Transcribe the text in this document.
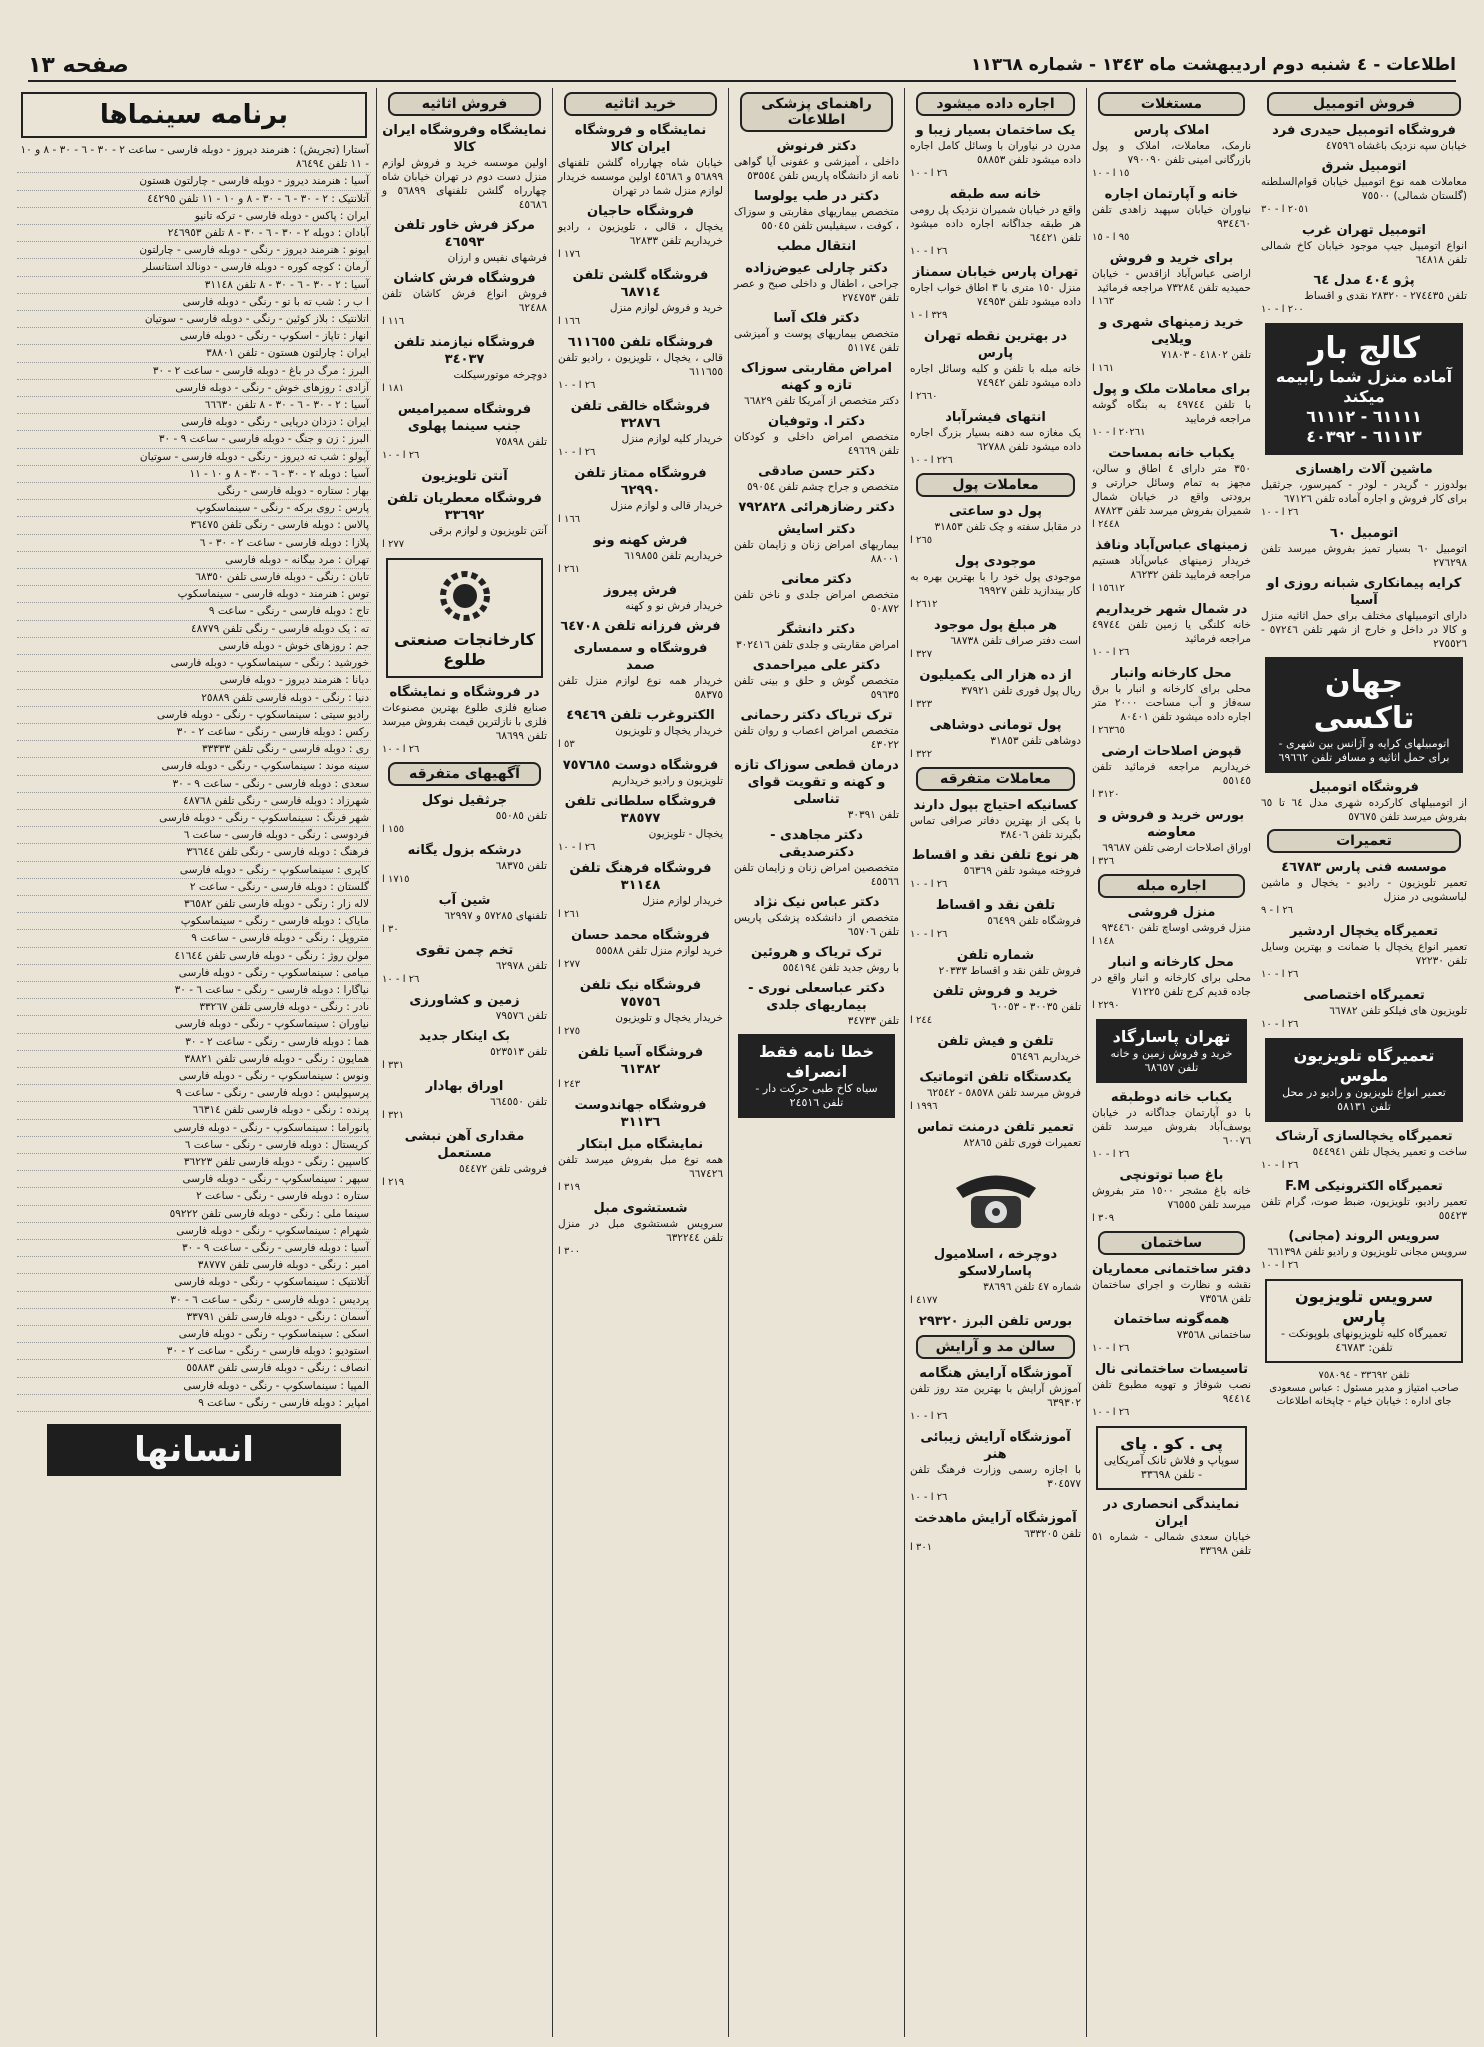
اطلاعات - ٤ شنبه دوم اردیبهشت ماه ١٣٤٣ - شماره ١١٣٦٨
صفحه ١٣
فروش اتومبیل
فروشگاه اتومبیل حیدری فرد
خیابان سپه نزدیک باغشاه ٤٧٥٩٦
اتومبیل شرق
معاملات همه نوع اتومبیل خیابان قوام‌السلطنه (گلستان شمالی) ٧٥٥٠٠
٢٠٥١ ا - ٣٠
اتومبیل تهران غرب
انواع اتومبیل جیپ موجود خیابان کاخ شمالی تلفن ٦٤٨١٨
پژو ٤٠٤ مدل ٦٤
تلفن ٢٧٤٤٣٥ - ٢٨٣٢٠ نقدی و اقساط
٢٠٠ ا - ١٠
کالج بار
آماده منزل شما رابیمه میکند
٦١١١١ - ٦١١١٢
٦١١١٣ - ٤٠٣٩٢
ماشین آلات راهسازی
بولدوزر - گریدر - لودر - کمپرسور، جرثقیل برای کار فروش و اجاره آماده تلفن ٦٧١٢٦
٢٦ ا - ١٠
اتومبیل ٦٠
اتومبیل ٦٠ بسیار تمیز بفروش میرسد تلفن ٢٧٦٢٩٨
کرایه پیمانکاری شبانه روزی او آسیا
دارای اتومبیلهای مختلف برای حمل اثاثیه منزل و کالا در داخل و خارج از شهر تلفن ٥٧٢٤٦ - ٢٧٥٥٢٦
جهان تاکسی
اتومبیلهای کرایه و آژانس بین شهری - برای حمل اثاثیه و مسافر تلفن ٦٩٦٦٢
فروشگاه اتومبیل
از اتومبیلهای کارکرده شهری مدل ٦٤ تا ٦٥ بفروش میرسد تلفن ٥٧٦٧٥
تعمیرات
موسسه فنی پارس ٤٦٧٨٣
تعمیر تلویزیون - رادیو - یخچال و ماشین لباسشویی در منزل
٢٦ ا - ٩
تعمیرگاه یخچال اردشیر
تعمیر انواع یخچال با ضمانت و بهترین وسایل تلفن ٧٢٢٣٠
٢٦ ا - ١٠
تعمیرگاه اختصاصی
تلویزیون های فیلکو تلفن ٦٦٧٨٢
٢٦ ا - ١٠
تعمیرگاه تلویزیون ملوس
تعمیر انواع تلویزیون و رادیو در محل تلفن ٥٨١٣١
تعمیرگاه یخچالسازی آرشاک
ساخت و تعمیر یخچال تلفن ٥٤٤٩٤١
٢٦ ا - ١٠
تعمیرگاه الکترونیکی F.M
تعمیر رادیو، تلویزیون، ضبط صوت، گرام تلفن ٥٥٤٢٣
سرویس الروند (مجانی)
سرویس مجانی تلویزیون و رادیو تلفن ٦٦١٣٩٨
٢٦ ا - ١٠
سرویس تلویزیون پارس
تعمیرگاه کلیه تلویزیونهای بلوپونکت - تلفن: ٤٦٧٨٣
تلفن ٣٣٦٩٢ - ٧٥٨٠٩٤
صاحب امتیاز و مدیر مسئول : عباس مسعودی
جای اداره : خیابان خیام - چاپخانه اطلاعات
مستغلات
املاک پارس
نارمک، معاملات، املاک و پول بازرگانی امینی تلفن ٧٩٠٠٩٠
١٥ ا - ١٠
خانه و آپارتمان اجاره
نیاوران خیابان سپهبد زاهدی تلفن ٩٣٤٤٦٠
٩٥ ا - ١٥
برای خرید و فروش
اراضی عباس‌آباد ازاقدس - خیابان حمیدیه تلفن ٧٣٢٨٤ مراجعه فرمائید
١٦٣ ا
خرید زمینهای شهری و ویلایی
تلفن ٤١٨٠٢ - ٧١٨٠٣
١٦١ ا
برای معاملات ملک و پول
با تلفن ٤٩٧٤٤ به بنگاه گوشه مراجعه فرمایید
٢٠٢٦١ ا - ١٠
یکباب خانه بمساحت
٣٥٠ متر دارای ٤ اطاق و سالن، مجهز به تمام وسائل حرارتی و برودتی واقع در خیابان شمال شمیران بفروش میرسد تلفن ٨٧٨٢٣
٢٤٤٨ ا
زمینهای عباس‌آباد ونافذ
خریدار زمینهای عباس‌آباد هستیم مراجعه فرمایید تلفن ٨٦٢٣٢
١٥٦١٢ ا
در شمال شهر خریداریم
خانه کلنگی یا زمین تلفن ٤٩٧٤٤ مراجعه فرمائید
٢٦ ا - ١٠
محل کارخانه وانبار
محلی برای کارخانه و انبار با برق سه‌فاز و آب مساحت ٢٠٠٠ متر اجاره داده میشود تلفن ٨٠٤٠١
٢٦٣٦٥ ا
قپوض اصلاحات ارضی
خریداریم مراجعه فرمائید تلفن ٥٥١٤٥
٣١٢٠ ا
بورس خرید و فروش و معاوضه
اوراق اصلاحات ارضی تلفن ٦٩٦٨٧
٣٢٦ ا
اجاره مبله
منزل فروشی
منزل فروشی اوساچ تلفن ٩٣٤٤٦٠
١٤٨ ا
محل کارخانه و انبار
محلی برای کارخانه و انبار واقع در جاده قدیم کرج تلفن ٧١٢٢٥
٢٢٩٠ ا
تهران پاسارگاد
خرید و فروش زمین و خانه تلفن ٦٨٦٥٧
یکباب خانه دوطبقه
با دو آپارتمان جداگانه در خیابان یوسف‌آباد بفروش میرسد تلفن ٦٠٠٧٦
٢٦ ا - ١٠
باغ صبا توتونچی
خانه باغ مشجر ١٥٠٠ متر بفروش میرسد تلفن ٧٦٥٥٥
٣٠٩ ا
ساختمان
دفتر ساختمانی معماریان
نقشه و نظارت و اجرای ساختمان تلفن ٧٣٥٦٨
همه‌گونه ساختمان
ساختمانی ٧٣٥٦٨
٢٦ ا - ١٠
تاسیسات ساختمانی نال
نصب شوفاژ و تهویه مطبوع تلفن ٩٤٤١٤
٢٦ ا - ١٠
پی . کو . پای
سوپاپ و فلاش تانک آمریکایی - تلفن ٣٣٦٩٨
نمایندگی انحصاری در ایران
خیابان سعدی شمالی - شماره ٥١ تلفن ٣٣٦٩٨
اجاره داده میشود
یک ساختمان بسیار زیبا و
مدرن در نیاوران با وسائل کامل اجاره داده میشود تلفن ٥٨٨٥٣
٢٦ ا - ١٠
خانه سه طبقه
واقع در خیابان شمیران نزدیک پل رومی هر طبقه جداگانه اجاره داده میشود تلفن ٦٤٤٢١
٢٦ ا - ١٠
تهران پارس خیابان سمناز
منزل ١٥٠ متری با ٣ اطاق خواب اجاره داده میشود تلفن ٧٤٩٥٣
٣٢٩ ا - ١
در بهترین نقطه تهران پارس
خانه مبله با تلفن و کلیه وسائل اجاره داده میشود تلفن ٧٤٩٤٢
٢٦٦٠ ا
انتهای فیشرآباد
یک مغازه سه دهنه بسیار بزرگ اجاره داده میشود تلفن ٦٢٧٨٨
٢٢٦ ا - ١٠
معاملات پول
پول دو ساعتی
در مقابل سفته و چک تلفن ٣١٨٥٣
٢٦٥ ا
موجودی پول
موجودی پول خود را با بهترین بهره به کار بیندازید تلفن ٦٩٩٢٧
٢٦١٢ ا
هر مبلغ پول موجود
است دفتر صراف تلفن ٦٨٧٣٨
٣٢٧ ا
از ده هزار الی یکمیلیون
ریال پول فوری تلفن ٣٧٩٢١
٣٢٣ ا
پول تومانی دوشاهی
دوشاهی تلفن ٣١٨٥٣
٣٢٢ ا
معاملات متفرقه
کسانیکه احتیاج بپول دارند
با یکی از بهترین دفاتر صرافی تماس بگیرند تلفن ٣٨٤٠٦
هر نوع تلفن نقد و اقساط
فروخته میشود تلفن ٥٦٣٦٩
٢٦ ا - ١٠
تلفن نقد و اقساط
فروشگاه تلفن ٥٦٤٩٩
٢٦ ا - ١٠
شماره تلفن
فروش تلفن نقد و اقساط ٢٠٣٣٣
خرید و فروش تلفن
تلفن ٣٠٠٣٥ - ٦٠٠٥٣
٢٤٤ ا
تلفن و فیش تلفن
خریداریم ٥٦٤٩٦
یکدستگاه تلفن اتوماتیک
فروش میرسد تلفن ٥٨٥٧٨ - ٦٢٥٤٢
١٩٩٦ ا
تعمیر تلفن درمنت تماس
تعمیرات فوری تلفن ٨٢٨٦٥
دوچرخه ، اسلامیول پاسارلاسکو
شماره ٤٧ تلفن ٣٨٦٩٦
٤١٧٧ ا
بورس تلفن البرز ٢٩٣٢٠
سالن مد و آرایش
آموزشگاه آرایش هنگامه
آموزش آرایش با بهترین متد روز تلفن ٦٣٩٣٠٢
٢٦ ا - ١٠
آموزشگاه آرایش زیبائی هنر
با اجازه رسمی وزارت فرهنگ تلفن ٣٠٤٥٧٧
٢٦ ا - ١٠
آموزشگاه آرایش ماهدخت
تلفن ٦٣٣٢٠٥
٣٠١ ا
راهنمای پزشکی اطلاعات
دکتر فرنوش
داخلی ، آمیزشی و عفونی آیا گواهی نامه از دانشگاه پاریس تلفن ٥٣٥٥٤
دکتر در طب یولوسا
متخصص بیماریهای مقاربتی و سوزاک ، کوفت ، سیفیلیس تلفن ٥٥٠٤٥
انتقال مطب
دکتر چارلی عیوض‌زاده
جراحی ، اطفال و داخلی صبح و عصر تلفن ٢٧٤٧٥٣
دکتر فلک آسا
متخصص بیماریهای پوست و آمیزشی تلفن ٥١١٧٤
امراض مقاربتی سوزاک تازه و کهنه
دکتر متخصص از آمریکا تلفن ٦٦٨٢٩
دکتر ا. وتوفیان
متخصص امراض داخلی و کودکان تلفن ٤٩٦٦٩
دکتر حسن صادقی
متخصص و جراح چشم تلفن ٥٩٠٥٤
دکتر رضازهرائی ٧٩٢٨٢٨
دکتر اسایش
بیماریهای امراض زنان و زایمان تلفن ٨٨٠٠١
دکتر معانی
متخصص امراض جلدی و ناخن تلفن ٥٠٨٧٢
دکتر دانشگر
امراض مقاربتی و جلدی تلفن ٣٠٢٤١٦
دکتر علی میراحمدی
متخصص گوش و حلق و بینی تلفن ٥٩٦٣٥
ترک تریاک دکتر رحمانی
متخصص امراض اعصاب و روان تلفن ٤٣٠٢٢
درمان قطعی سوزاک تازه و کهنه و تقویت قوای تناسلی
تلفن ٣٠٣٩١
دکتر مجاهدی - دکترصدیقی
متخصصین امراض زنان و زایمان تلفن ٤٥٥٦٦
دکتر عباس نیک نژاد
متخصص از دانشکده پزشکی پاریس تلفن ٦٥٧٠٦
ترک تریاک و هروئین
با روش جدید تلفن ٥٥٤١٩٤
دکتر عباسعلی نوری - بیماریهای جلدی
تلفن ٣٤٧٣٣
خطا نامه فقط انصراف
سیاه کاخ طبی حرکت دار - تلفن ٢٤٥١٦
خرید اثاثیه
نمایشگاه و فروشگاه ایران کالا
خیابان شاه چهارراه گلشن تلفنهای ٥٦٨٩٩ و ٤٥٦٨٦ اولین موسسه خریدار لوازم منزل شما در تهران
فروشگاه حاجیان
یخچال ، قالی ، تلویزیون ، رادیو خریداریم تلفن ٦٢٨٣٣
١٧٦ ا
فروشگاه گلشن تلفن ٦٨٧١٤
خرید و فروش لوازم منزل
١٦٦ ا
فروشگاه تلفن ٦١١٦٥٥
قالی ، یخچال ، تلویزیون ، رادیو تلفن ٦١١٦٥٥
٢٦ ا - ١٠
فروشگاه خالقی تلفن ٣٢٨٧٦
خریدار کلیه لوازم منزل
٢٦ ا - ١٠
فروشگاه ممتاز تلفن ٦٢٩٩٠
خریدار قالی و لوازم منزل
١٦٦ ا
فرش کهنه ونو
خریداریم تلفن ٦١٩٨٥٥
٢٦١ ا
فرش پیروز
خریدار فرش نو و کهنه
فرش فرزانه تلفن ٦٤٧٠٨
فروشگاه و سمساری صمد
خریدار همه نوع لوازم منزل تلفن ٥٨٣٧٥
الکتروغرب تلفن ٤٩٤٦٩
خریدار یخچال و تلویزیون
٥٣ ا
فروشگاه دوست ٧٥٧٦٨٥
تلویزیون و رادیو خریداریم
فروشگاه سلطانی تلفن ٣٨٥٧٧
یخچال - تلویزیون
٢٦ ا - ١٠
فروشگاه فرهنگ تلفن ٣١١٤٨
خریدار لوازم منزل
٢٦١ ا
فروشگاه محمد حسان
خرید لوازم منزل تلفن ٥٥٥٨٨
٢٧٧ ا
فروشگاه نیک تلفن ٧٥٧٥٦
خریدار یخچال و تلویزیون
٢٧٥ ا
فروشگاه آسیا تلفن ٦١٣٨٢
٢٤٣ ا
فروشگاه جهاندوست ٣١١٣٦
نمایشگاه مبل ابتکار
همه نوع مبل بفروش میرسد تلفن ٦٦٧٤٢٦
٣١٩ ا
شستشوی مبل
سرویس شستشوی مبل در منزل تلفن ٦٣٢٢٤٤
٣٠٠ ا
فروش اثاثیه
نمایشگاه وفروشگاه ایران کالا
اولین موسسه خرید و فروش لوازم منزل دست دوم در تهران خیابان شاه چهارراه گلشن تلفنهای ٥٦٨٩٩ و ٤٥٦٨٦
مرکز فرش خاور تلفن ٤٦٥٩٣
فرشهای نفیس و ارزان
فروشگاه فرش کاشان
فروش انواع فرش کاشان تلفن ٦٢٤٨٨
١١٦ ا
فروشگاه نیازمند تلفن ٣٤٠٣٧
دوچرخه موتورسیکلت
١٨١ ا
فروشگاه سمیرامیس جنب سینما پهلوی
تلفن ٧٥٨٩٨
٢٦ ا - ١٠
آنتن تلویزیون
فروشگاه معطریان تلفن ٣٣٦٩٢
آنتن تلویزیون و لوازم برقی
٢٧٧ ا
کارخانجات صنعتی طلوع
در فروشگاه و نمایشگاه
صنایع فلزی طلوع بهترین مصنوعات فلزی با نازلترین قیمت بفروش میرسد تلفن ٦٨٦٩٩
٢٦ ا - ١٠
آگهیهای متفرقه
جرثقیل نوکل
تلفن ٥٥٠٨٥
١٥٥ ا
درشکه بزول یگانه
تلفن ٦٨٣٧٥
١٧١٥ ا
شین آب
تلفنهای ٥٧٢٨٥ و ٦٢٩٩٧
٣٠ ا
تخم چمن تقوی
تلفن ٦٢٩٧٨
٢٦ ا - ١٠
زمین و کشاورزی
تلفن ٧٩٥٧٦
بک اینکار جدید
تلفن ٥٢٣٥١٣
٣٣١ ا
اوراق بهادار
تلفن ٦٦٤٥٥٠
٣٢١ ا
مقداری آهن نبشی مستعمل
فروشی تلفن ٥٤٤٧٢
٢١٩ ا
برنامه سینماها
آستارا (تجریش) : هنرمند دیروز - دوبله فارسی - ساعت ٢ - ٣٠ - ٦ - ٣٠ - ٨ و ١٠ - ١١ تلفن ٨٦٤٩٤
آسیا : هنرمند دیروز - دوبله فارسی - چارلتون هستون
آتلانتیک : ٢ - ٣٠ - ٦ - ٣٠ - ٨ و ١٠ - ١١ تلفن ٤٤٢٩٥
ایران : پاکس - دوبله فارسی - ترکه تانیو
آبادان : دوبله ٢ - ٣٠ - ٦ - ٣٠ - ٨ تلفن ٢٤٦٩٥٣
ایونو : هنرمند دیروز - رنگی - دوبله فارسی - چارلتون
آرمان : کوچه کوره - دوبله فارسی - دونالد استانسلر
آسیا : ٢ - ٣٠ - ٦ - ٣٠ - ٨ تلفن ٣١١٤٨
ا ب ر : شب ته با تو - رنگی - دوبله فارسی
اتلانتیک : بلاز کوئین - رنگی - دوبله فارسی - سوتیان
انهار : تاپاز - اسکوپ - رنگی - دوبله فارسی
ایران : چارلتون هستون - تلفن ٣٨٨٠١
البرز : مرگ در باغ - دوبله فارسی - ساعت ٢ - ٣٠
آزادی : روزهای خوش - رنگی - دوبله فارسی
آسیا : ٢ - ٣٠ - ٦ - ٣٠ - ٨ تلفن ٦٦٦٣٠
ایران : دزدان دریایی - رنگی - دوبله فارسی
البرز : زن و جنگ - دوبله فارسی - ساعت ٩ - ٣٠
آپولو : شب ته دیروز - رنگی - دوبله فارسی - سوتیان
آسیا : دوبله ٢ - ٣٠ - ٦ - ٣٠ - ٨ و ١٠ - ١١
بهار : ستاره - دوبله فارسی - رنگی
پارس : روی برکه - رنگی - سینماسکوپ
پالاس : دوبله فارسی - رنگی تلفن ٣٦٤٧٥
پلازا : دوبله فارسی - ساعت ٢ - ٣٠ - ٦
تهران : مرد بیگانه - دوبله فارسی
تابان : رنگی - دوبله فارسی تلفن ٦٨٣٥٠
توس : هنرمند - دوبله فارسی - سینماسکوپ
تاج : دوبله فارسی - رنگی - ساعت ٩
ته : یک دوبله فارسی - رنگی تلفن ٤٨٧٧٩
جم : روزهای خوش - دوبله فارسی
خورشید : رنگی - سینماسکوپ - دوبله فارسی
دیانا : هنرمند دیروز - دوبله فارسی
دنیا : رنگی - دوبله فارسی تلفن ٢٥٨٨٩
رادیو سیتی : سینماسکوپ - رنگی - دوبله فارسی
رکس : دوبله فارسی - رنگی - ساعت ٢ - ٣٠
ری : دوبله فارسی - رنگی تلفن ٣٣٣٣٣
سینه موند : سینماسکوپ - رنگی - دوبله فارسی
سعدی : دوبله فارسی - رنگی - ساعت ٩ - ٣٠
شهرزاد : دوبله فارسی - رنگی تلفن ٤٨٧٦٨
شهر فرنگ : سینماسکوپ - رنگی - دوبله فارسی
فردوسی : رنگی - دوبله فارسی - ساعت ٦
فرهنگ : دوبله فارسی - رنگی تلفن ٣٦٦٤٤
کاپری : سینماسکوپ - رنگی - دوبله فارسی
گلستان : دوبله فارسی - رنگی - ساعت ٢
لاله زار : رنگی - دوبله فارسی تلفن ٣٦٥٨٢
مایاک : دوبله فارسی - رنگی - سینماسکوپ
متروپل : رنگی - دوبله فارسی - ساعت ٩
مولن روژ : رنگی - دوبله فارسی تلفن ٤١٦٤٤
میامی : سینماسکوپ - رنگی - دوبله فارسی
نیاگارا : دوبله فارسی - رنگی - ساعت ٦ - ٣٠
نادر : رنگی - دوبله فارسی تلفن ٣٣٢٦٧
نیاوران : سینماسکوپ - رنگی - دوبله فارسی
هما : دوبله فارسی - رنگی - ساعت ٢ - ٣٠
همایون : رنگی - دوبله فارسی تلفن ٣٨٨٢١
ونوس : سینماسکوپ - رنگی - دوبله فارسی
پرسپولیس : دوبله فارسی - رنگی - ساعت ٩
پرنده : رنگی - دوبله فارسی تلفن ٦٦٣١٤
پانوراما : سینماسکوپ - رنگی - دوبله فارسی
کریستال : دوبله فارسی - رنگی - ساعت ٦
کاسپین : رنگی - دوبله فارسی تلفن ٣٦٢٢٣
سپهر : سینماسکوپ - رنگی - دوبله فارسی
ستاره : دوبله فارسی - رنگی - ساعت ٢
سینما ملی : رنگی - دوبله فارسی تلفن ٥٩٢٢٢
شهرام : سینماسکوپ - رنگی - دوبله فارسی
آسیا : دوبله فارسی - رنگی - ساعت ٩ - ٣٠
امیر : رنگی - دوبله فارسی تلفن ٣٨٧٧٧
آتلانتیک : سینماسکوپ - رنگی - دوبله فارسی
پردیس : دوبله فارسی - رنگی - ساعت ٦ - ٣٠
آسمان : رنگی - دوبله فارسی تلفن ٣٣٧٩١
اسکی : سینماسکوپ - رنگی - دوبله فارسی
استودیو : دوبله فارسی - رنگی - ساعت ٢ - ٣٠
انصاف : رنگی - دوبله فارسی تلفن ٥٥٨٨٣
المپیا : سینماسکوپ - رنگی - دوبله فارسی
امپایر : دوبله فارسی - رنگی - ساعت ٩
انسانها
